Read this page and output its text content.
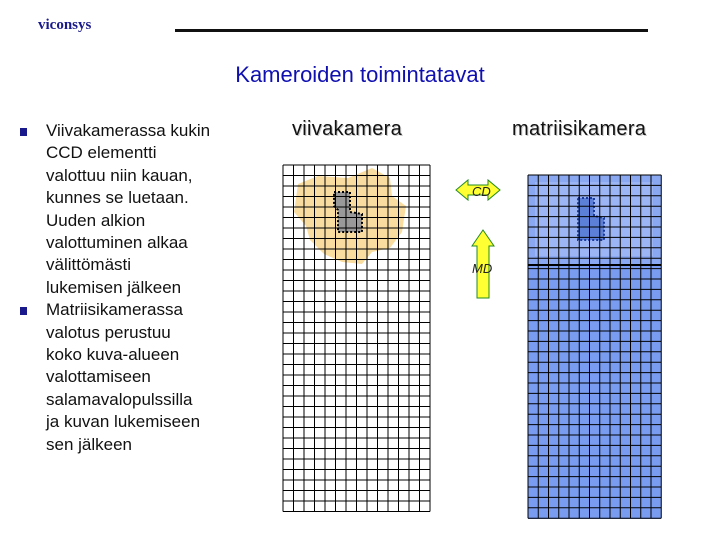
viconsys
Kameroiden toimintatavat
Viivakamerassa kukin
CCD elementti
valottuu niin kauan,
kunnes se luetaan.
Uuden alkion
valottuminen alkaa
välittömästi
lukemisen jälkeen
Matriisikamerassa
valotus perustuu
koko kuva-alueen
valottamiseen
salamavalopulssilla
ja kuvan lukemiseen
sen jälkeen
viivakamera	matriisikamera
CD
MD
